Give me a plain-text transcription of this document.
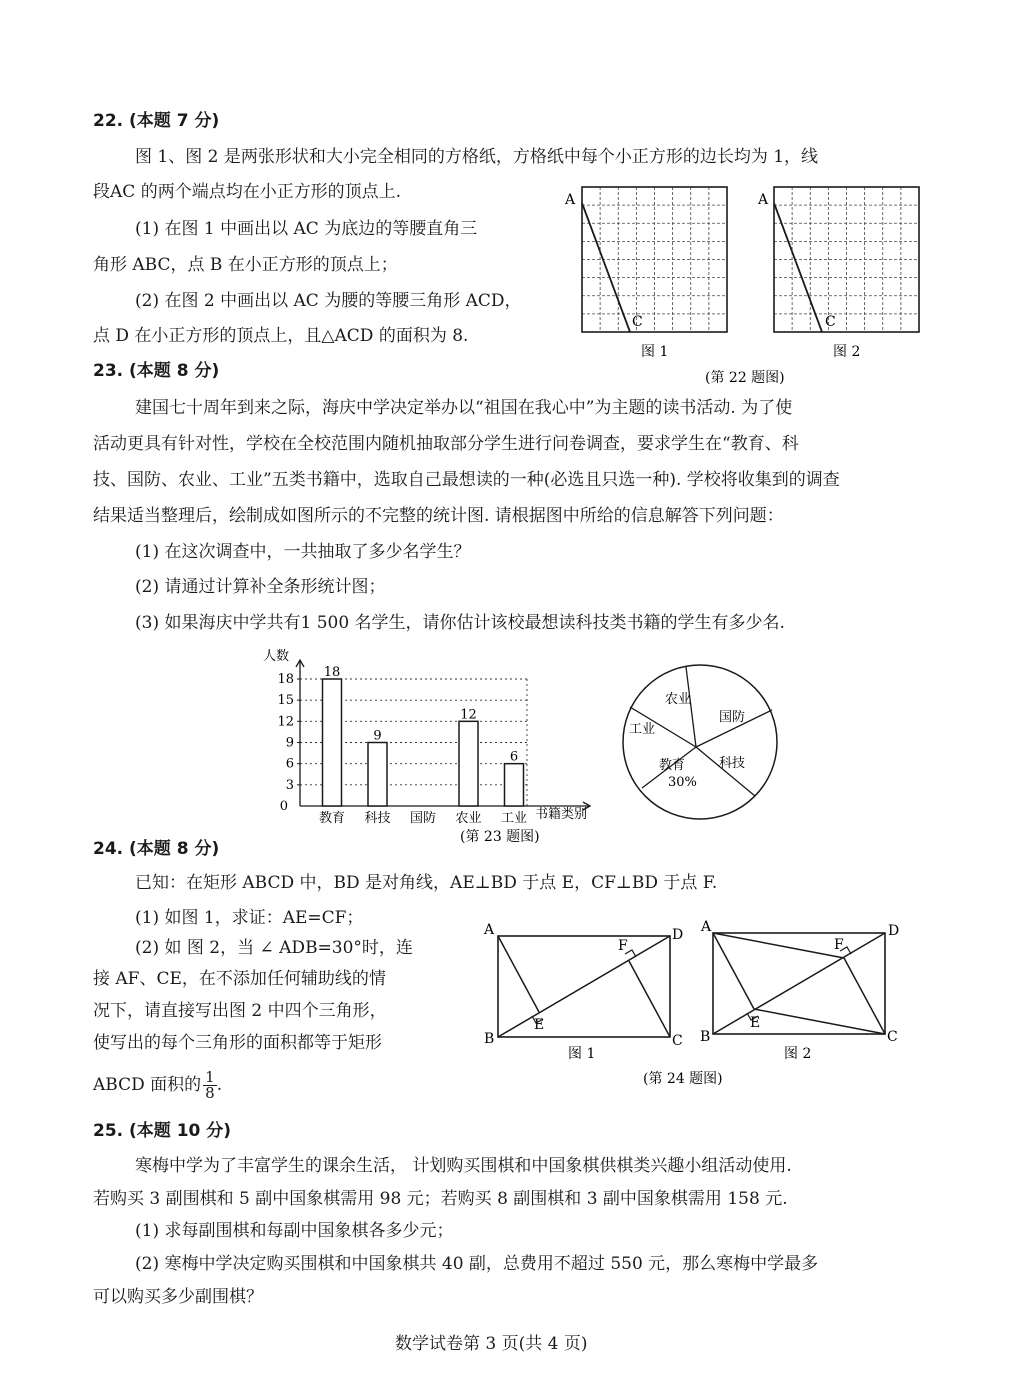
22. (本题 7 分)
图 1、图 2 是两张形状和大小完全相同的方格纸，方格纸中每个小正方形的边长均为 1，线
段AC 的两个端点均在小正方形的顶点上.
(1) 在图 1 中画出以 AC 为底边的等腰直角三
角形 ABC，点 B 在小正方形的顶点上；
(2) 在图 2 中画出以 AC 为腰的等腰三角形 ACD，
点 D 在小正方形的顶点上，且△ACD 的面积为 8.
A
C
图 1
A
C
图 2
(第 22 题图)
23. (本题 8 分)
建国七十周年到来之际，海庆中学决定举办以“祖国在我心中”为主题的读书活动. 为了使
活动更具有针对性，学校在全校范围内随机抽取部分学生进行问卷调查，要求学生在“教育、科
技、国防、农业、工业”五类书籍中，选取自己最想读的一种(必选且只选一种). 学校将收集到的调查
结果适当整理后，绘制成如图所示的不完整的统计图. 请根据图中所给的信息解答下列问题：
(1) 在这次调查中，一共抽取了多少名学生？
(2) 请通过计算补全条形统计图；
(3) 如果海庆中学共有1 500 名学生，请你估计该校最想读科技类书籍的学生有多少名.
人数
书籍类别
0
3
6
9
12
15
18 18
教育
9
科技 国防
12
农业
6
工业
(第 23 题图)
农业
国防
科技
教育
30%
工业
24. (本题 8 分)
已知：在矩形 ABCD 中，BD 是对角线，AE⊥BD 于点 E，CF⊥BD 于点 F.
(1) 如图 1，求证：AE=CF；
(2) 如 图 2，当 ∠ ADB=30°时，连
接 AF、CE，在不添加任何辅助线的情
况下，请直接写出图 2 中四个三角形，
使写出的每个三角形的面积都等于矩形
ABCD 面积的 $\frac{1}{8}$ .
A
B	C
D
E
F
图 1
A
B	C
D
E
F
图 2
(第 24 题图)
25. (本题 10 分)
寒梅中学为了丰富学生的课余生活， 计划购买围棋和中国象棋供棋类兴趣小组活动使用.
若购买 3 副围棋和 5 副中国象棋需用 98 元；若购买 8 副围棋和 3 副中国象棋需用 158 元.
(1) 求每副围棋和每副中国象棋各多少元；
(2) 寒梅中学决定购买围棋和中国象棋共 40 副，总费用不超过 550 元，那么寒梅中学最多
可以购买多少副围棋？
数学试卷第 3 页(共 4 页)
